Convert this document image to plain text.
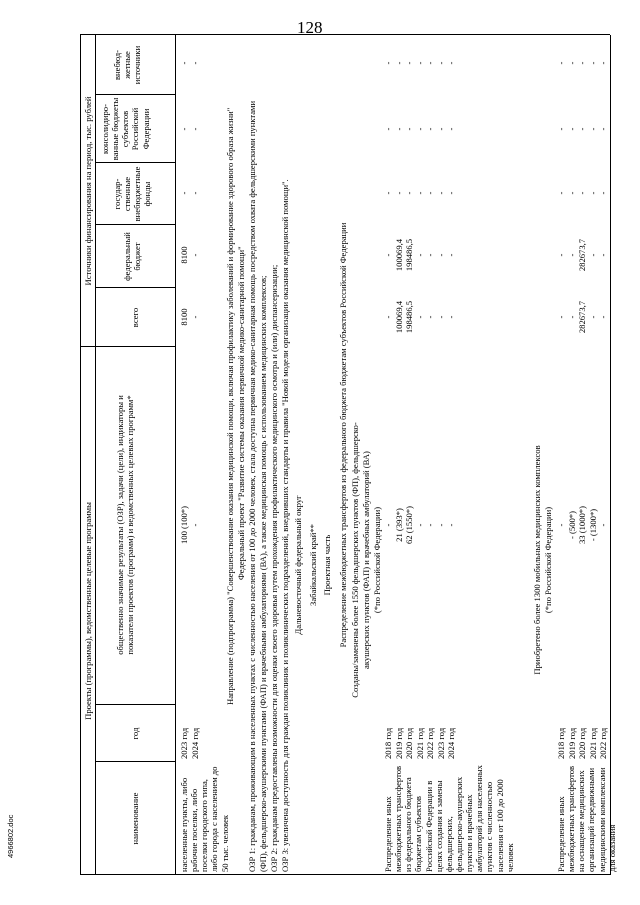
128
Проекты (программы), ведомственные целевые программы
Источники финансирования на период, тыс. рублей
наименование
год
общественно значимые результаты (ОЗР), задачи (цели), индикаторы и показатели проектов (программ) и ведомственных целевых программ*
всего
федеральный бюджет
государ-ственные внебюджетные фонды
консолидиро-ванные бюджеты субъектов Российской Федерации
внебюд-жетные источники
населенные пункты, либо рабочие поселки, либо поселки городского типа, либо города с населением до 50 тыс. человек
2023 год 2024 год
100 (100*) -
8100 -
8100 -
- -
- -
- -
Направление (подпрограмма) "Совершенствование оказания медицинской помощи, включая профилактику заболеваний и формирование здорового образа жизни" Федеральный проект "Развитие системы оказания первичной медико-санитарной помощи" ОЗР 1: гражданам, проживающим в населенных пунктах с численностью населения от 100 до 2000 человек, стала доступна первичная медико-санитарная помощь посредством охвата фельдшерскими пунктами (ФП), фельдшерско-акушерскими пунктами (ФАП) и врачебными амбулаториями (ВА), а также медицинская помощь с использованием медицинских комплексов; ОЗР 2: гражданам предоставлены возможности для оценки своего здоровья путем прохождения профилактического медицинского осмотра и (или) диспансеризации; ОЗР 3: увеличена доступность для граждан поликлиник и поликлинических подразделений, внедривших стандарты и правила "Новой модели организации оказания медицинской помощи". Дальневосточный федеральный округ Забайкальский край** Проектная часть Распределение межбюджетных трансфертов из федерального бюджета бюджетам субъектов Российской Федерации Созданы/заменены более 1550 фельдшерских пунктов (ФП), фельдшерско- акушерских пунктов (ФАП) и врачебных амбулаторий (ВА) (*по Российской Федерации)
Распределение иных межбюджетных трансфертов из федерального бюджета бюджетам субъектов Российской Федерации в целях создания и замены фельдшерских, фельдшерско-акушерских пунктов и врачебных амбулаторий для населенных пунктов с численностью населения от 100 до 2000 человек
2018 год 2019 год 2020 год 2021 год 2022 год 2023 год 2024 год
- 21 (393*) 62 (1550*) - - - -
- 100069,4 198486,5 - - - -
- 100069,4 198486,5 - - - -
- - - - - - -
- - - - - - -
- - - - - - -
Приобретено более 1300 мобильных медицинских комплексов (*по Российской Федерации)
Распределение иных межбюджетных трансфертов на оснащение медицинских организаций передвижными медицинскими комплексами для оказания
2018 год 2019 год 2020 год 2021 год 2022 год
- - (500*) 33 (1000*) - (1300*) -
- - 282673,7 - -
- - 282673,7 - -
- - - - -
- - - - -
- - - - -
4966802.doc
